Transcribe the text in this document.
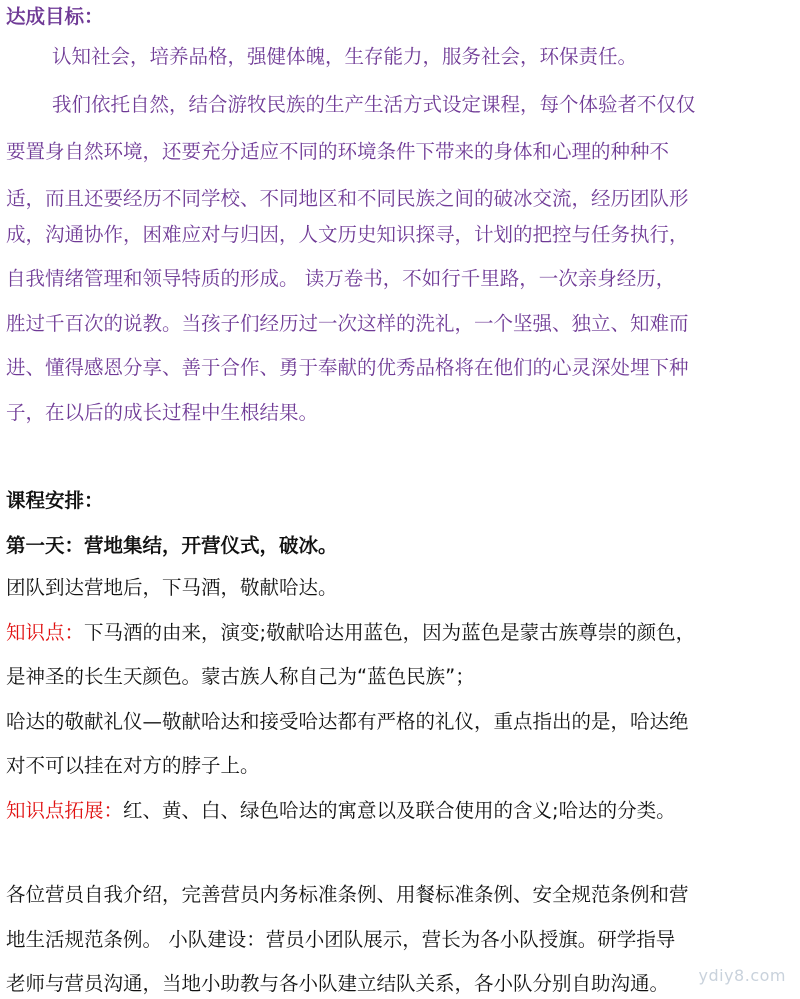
达成目标：
认知社会，培养品格，强健体魄，生存能力，服务社会，环保责任。
我们依托自然，结合游牧民族的生产生活方式设定课程，每个体验者不仅仅
要置身自然环境，还要充分适应不同的环境条件下带来的身体和心理的种种不
适，而且还要经历不同学校、不同地区和不同民族之间的破冰交流，经历团队形
成，沟通协作，困难应对与归因，人文历史知识探寻，计划的把控与任务执行，
自我情绪管理和领导特质的形成。 读万卷书，不如行千里路，一次亲身经历，
胜过千百次的说教。当孩子们经历过一次这样的洗礼，一个坚强、独立、知难而
进、懂得感恩分享、善于合作、勇于奉献的优秀品格将在他们的心灵深处埋下种
子，在以后的成长过程中生根结果。
课程安排：
第一天：营地集结，开营仪式，破冰。
团队到达营地后，下马酒，敬献哈达。
知识点：下马酒的由来，演变;敬献哈达用蓝色，因为蓝色是蒙古族尊崇的颜色，
是神圣的长生天颜色。蒙古族人称自己为“蓝色民族”；
哈达的敬献礼仪—敬献哈达和接受哈达都有严格的礼仪，重点指出的是，哈达绝
对不可以挂在对方的脖子上。
知识点拓展：红、黄、白、绿色哈达的寓意以及联合使用的含义;哈达的分类。
各位营员自我介绍，完善营员内务标准条例、用餐标准条例、安全规范条例和营
地生活规范条例。 小队建设：营员小团队展示，营长为各小队授旗。研学指导
老师与营员沟通，当地小助教与各小队建立结队关系，各小队分别自助沟通。 ydiy8.com
